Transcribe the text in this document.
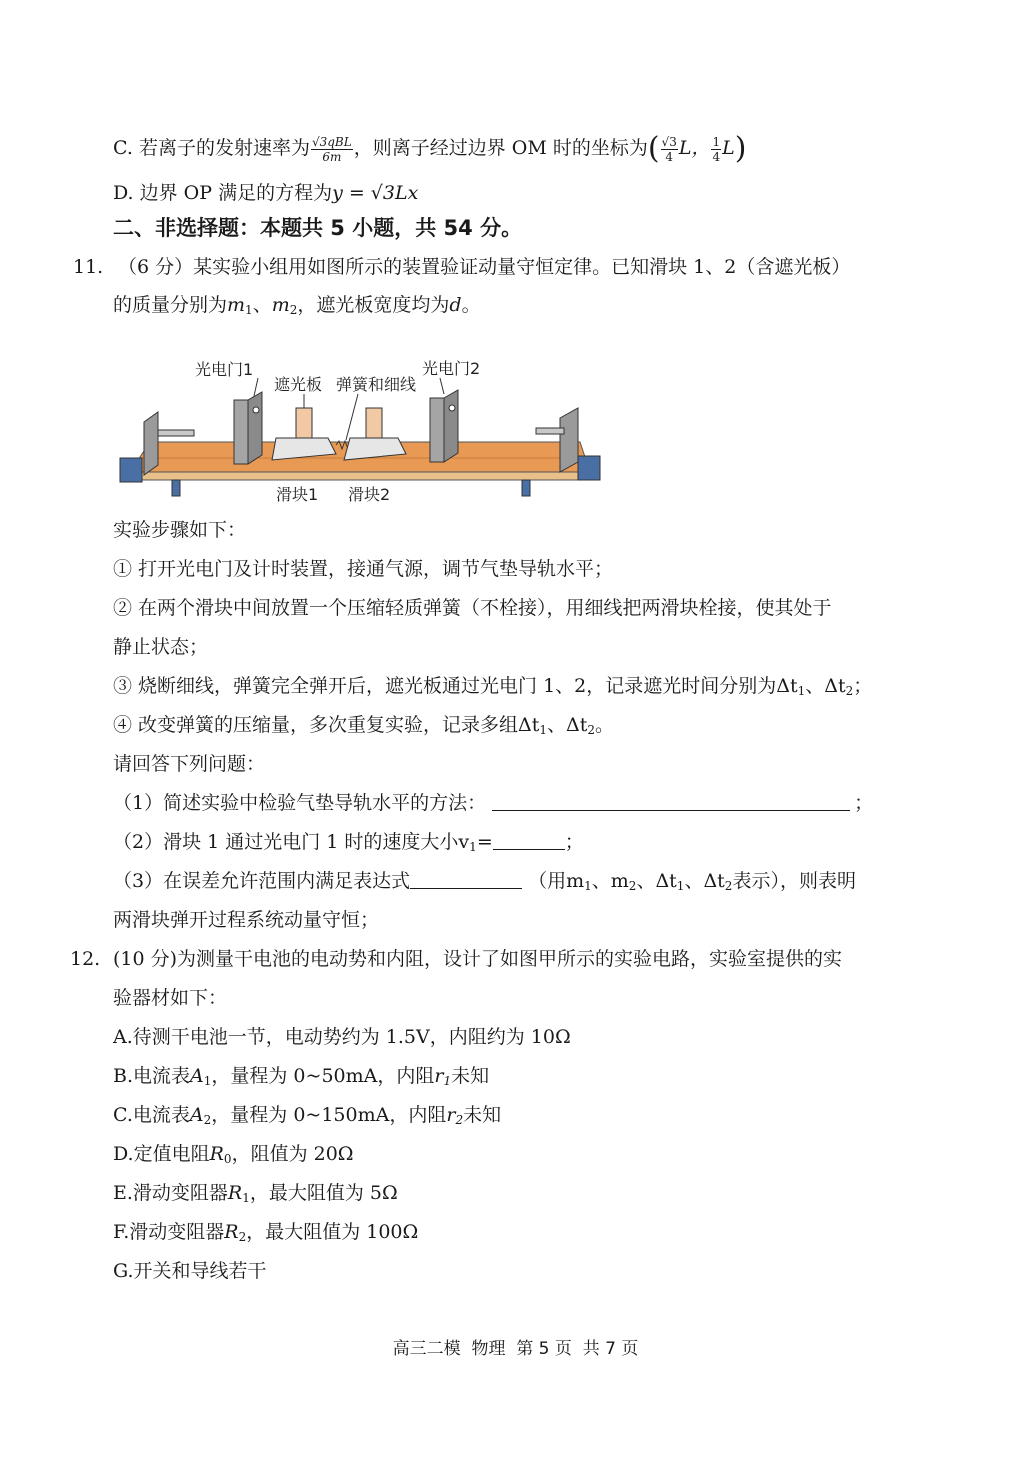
C. 若离子的发射速率为 $\frac{\text{√3qBL}}{6m}$ ，则离子经过边界 OM 时的坐标为( $\frac{√3}{4}$ L， $\frac{1}{4} L$)
D. 边界 OP 满足的方程为y = √3Lx
二、非选择题：本题共 5 小题，共 54 分。
11. （6 分）某实验小组用如图所示的装置验证动量守恒定律。已知滑块 1、2（含遮光板）
的质量分别为$m_1$、$m_2$，遮光板宽度均为d。
光电门1
遮光板 弹簧和细线
光电门2
滑块1 滑块2
实验步骤如下：
① 打开光电门及计时装置，接通气源，调节气垫导轨水平；
② 在两个滑块中间放置一个压缩轻质弹簧（不栓接），用细线把两滑块栓接，使其处于
静止状态；
③ 烧断细线，弹簧完全弹开后，遮光板通过光电门 1、2，记录遮光时间分别为$\Delta t_1$、$\Delta t_2$；
④ 改变弹簧的压缩量，多次重复实验，记录多组$\Delta t_1$、$\Delta t_2$。
请回答下列问题：
（1）简述实验中检验气垫导轨水平的方法：	；
（2）滑块 1 通过光电门 1 时的速度大小$v_1=$	；
（3）在误差允许范围内满足表达式	（用$m_1$、$m_2$、$\Delta t_1$、$\Delta t_2$表示），则表明
两滑块弹开过程系统动量守恒；
12. (10 分)为测量干电池的电动势和内阻，设计了如图甲所示的实验电路，实验室提供的实
验器材如下：
A.待测干电池一节，电动势约为 1.5V，内阻约为 10Ω
B.电流表$A_1$，量程为 0~50mA，内阻$r_1$未知
C.电流表$A_2$，量程为 0~150mA，内阻$r_2$未知
D.定值电阻$R_0$，阻值为 20Ω
E.滑动变阻器$R_1$，最大阻值为 5Ω
F.滑动变阻器$R_2$，最大阻值为 100Ω
G.开关和导线若干
高三二模  物理  第 5 页  共 7 页
